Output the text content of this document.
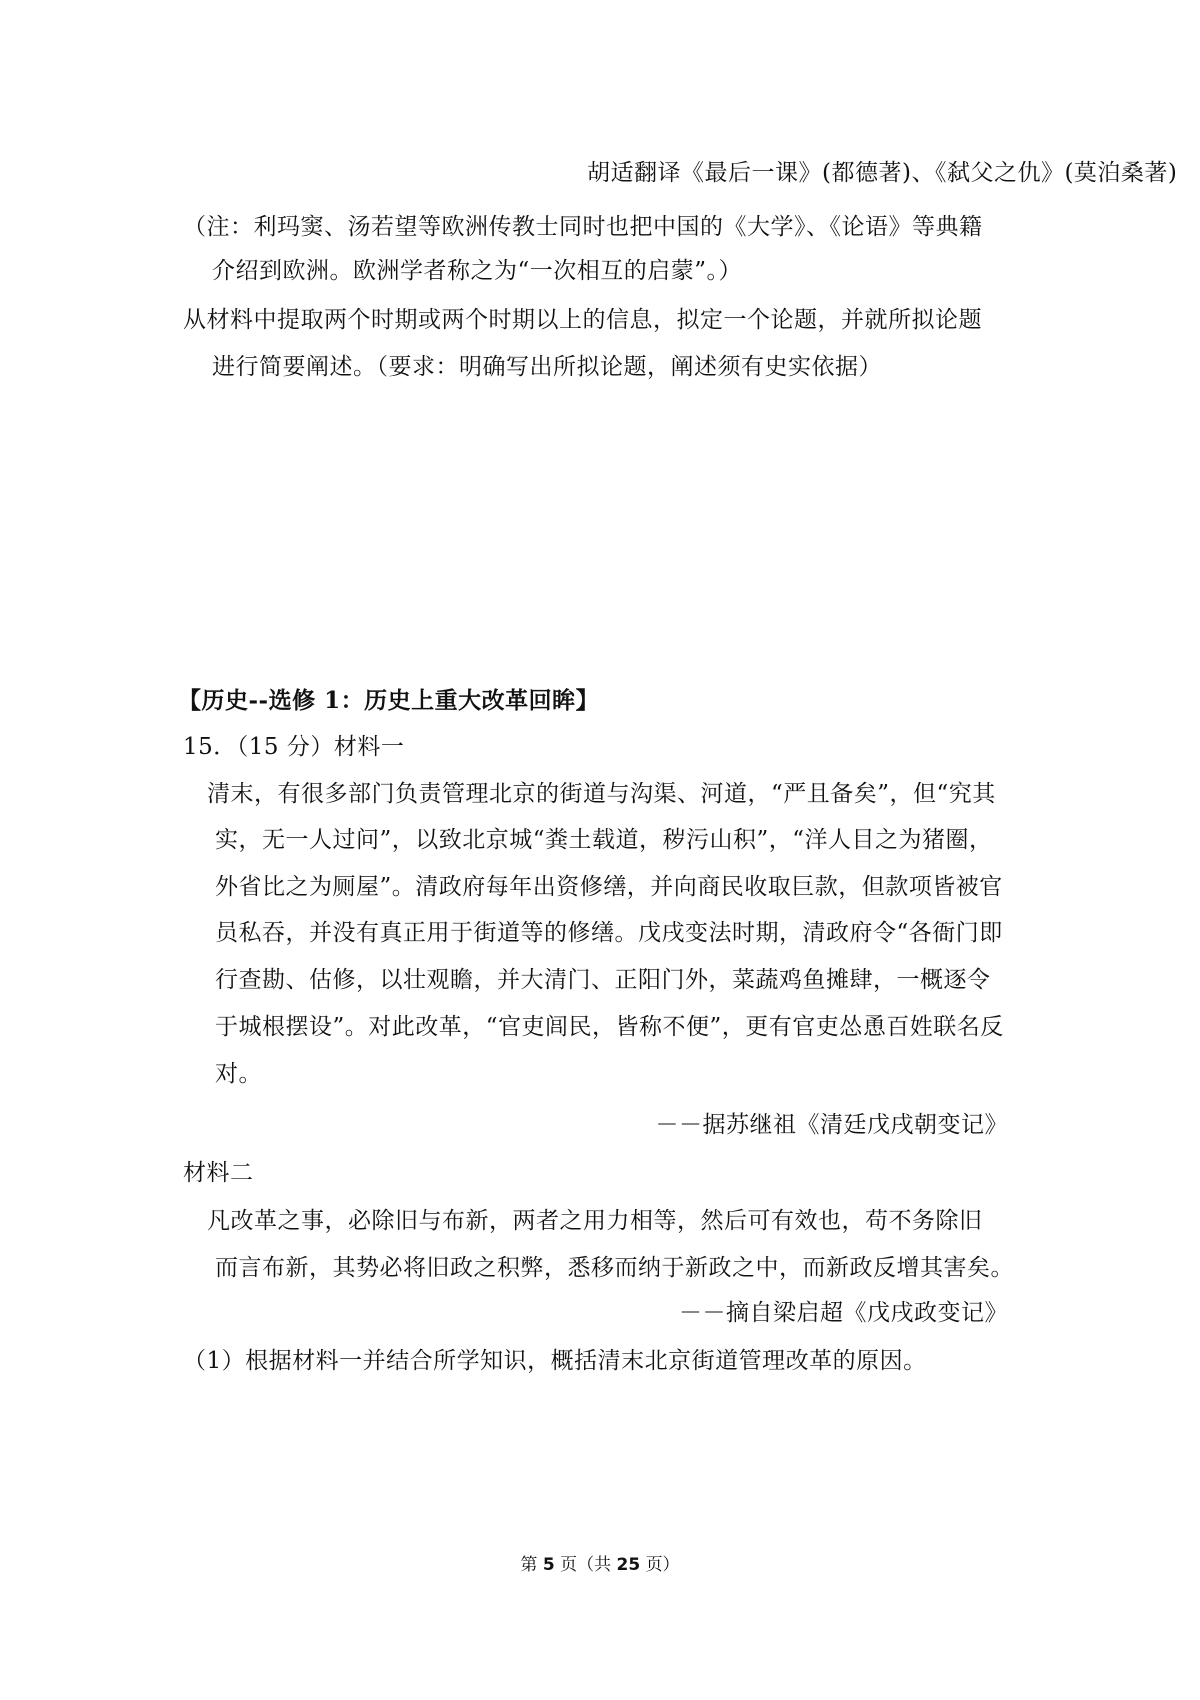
胡适翻译《最后一课》(都德著)、《弑父之仇》(莫泊桑著)
（注：利玛窦、汤若望等欧洲传教士同时也把中国的《大学》、《论语》等典籍
介绍到欧洲。欧洲学者称之为“一次相互的启蒙”。）
从材料中提取两个时期或两个时期以上的信息，拟定一个论题，并就所拟论题
进行简要阐述。（要求：明确写出所拟论题，阐述须有史实依据）
【历史--选修 1：历史上重大改革回眸】
15．（15 分）材料一
清末，有很多部门负责管理北京的街道与沟渠、河道，“严且备矣”，但“究其
实，无一人过问”，以致北京城“粪土载道，秽污山积”，“洋人目之为猪圈，
外省比之为厕屋”。清政府每年出资修缮，并向商民收取巨款，但款项皆被官
员私吞，并没有真正用于街道等的修缮。戊戌变法时期，清政府令“各衙门即
行查勘、估修，以壮观瞻，并大清门、正阳门外，菜蔬鸡鱼摊肆，一概逐令
于城根摆设”。对此改革，“官吏闾民，皆称不便”，更有官吏怂恿百姓联名反
对。
－－据苏继祖《清廷戊戌朝变记》
材料二
凡改革之事，必除旧与布新，两者之用力相等，然后可有效也，苟不务除旧
而言布新，其势必将旧政之积弊，悉移而纳于新政之中，而新政反增其害矣。
－－摘自梁启超《戊戌政变记》
（1）根据材料一并结合所学知识，概括清末北京街道管理改革的原因。
第 5 页（共 25 页）
